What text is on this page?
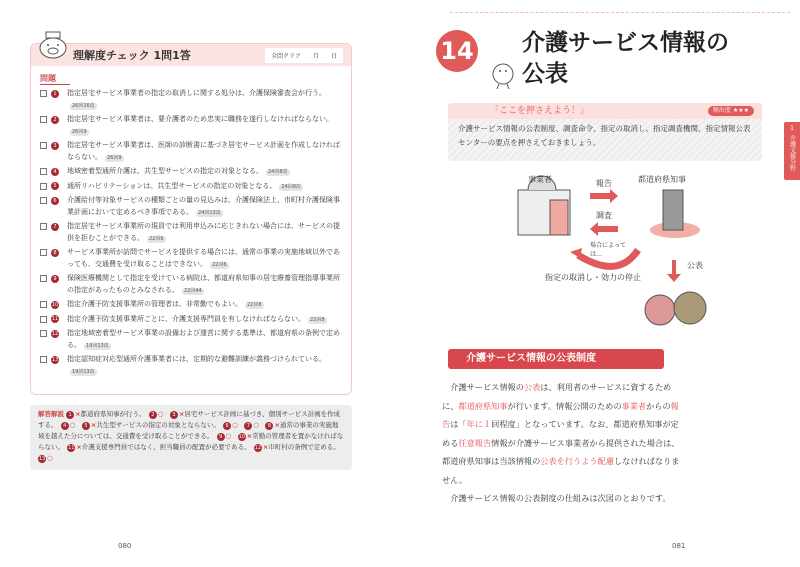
理解度チェック 1問1答	全問クリア 月 日
問題
1	指定居宅サービス事業者の指定の取消しに関する処分は、介護保険審査会が行う。26回16改
2	指定居宅サービス事業者は、要介護者のため忠実に職務を遂行しなければならない。26回9
3	指定居宅サービス事業者は、医師の診断書に基づき居宅サービス計画を作成しなければならない。 26回9
4	地域密着型通所介護は、共生型サービスの指定の対象となる。 24回8改
5	通所リハビリテーションは、共生型サービスの指定の対象となる。 24回8改
6	介護給付等対象サービスの種類ごとの量の見込みは、介護保険法上、市町村介護保険事業計画において定めるべき事項である。 24回13改
7	指定居宅サービス事業所の現員では利用申込みに応じきれない場合には、サービスの提供を拒むことができる。 22回6
8	サービス事業所が訪問でサービスを提供する場合には、通常の事業の実施地域以外であっても、交通費を受け取ることはできない。 22回6
9	保険医療機関として指定を受けている病院は、都道府県知事の居宅療養管理指導事業所の指定があったものとみなされる。 22回44
10 指定介護予防支援事業所の管理者は、非常勤でもよい。 22回8
11 指定介護予防支援事業所ごとに、介護支援専門員を有しなければならない。 22回8
12 指定地域密着型サービス事業の設備および運営に関する基準は、都道府県の条例で定める。 19回13改
13 指定認知症対応型通所介護事業者には、定期的な避難訓練が義務づけられている。19回13改
解答解説 1 ×都道府県知事が行う。　 2 ○　 3 ×居宅サービス計画に基づき、個別サービス計画を作成する。　 4 ○　 5 ×共生型サービスの指定の対象とならない。　 6 ○　 7 ○　 8 ×通常の事業の実施地域を越えた分については、交通費を受け取ることができる。　 9 ○　 10 ×常勤の管理者を置かなければならない。　 11 ×介護支援専門員ではなく、担当職員の配置が必要である。　 12 ×市町村の条例で定める。　13 ○　
080
14 介護サービス情報の
公表
「ここを押さえよう！」	頻出度 ★★★
介護サービス情報の公表制度、調査命令、指定の取消し、指定調査機関、指定情報公表センターの要点を押さえておきましょう。
1
介護支援分野
事業者	都道府県知事
報告
調査
場合によっては…
指定の取消し・効力の停止
公表
介護サービス情報の公表制度

介護サービス情報の公表は、利用者のサービスに資するために、都道府県知事が行います。情報公開のための事業者からの報告は「年に１回程度」となっています。なお、都道府県知事が定める任意報告情報が介護サービス事業者から提供された場合は、都道府県知事は当該情報の公表を行うよう配慮しなければなりません。

介護サービス情報の公表制度の仕組みは次図のとおりです。

081
